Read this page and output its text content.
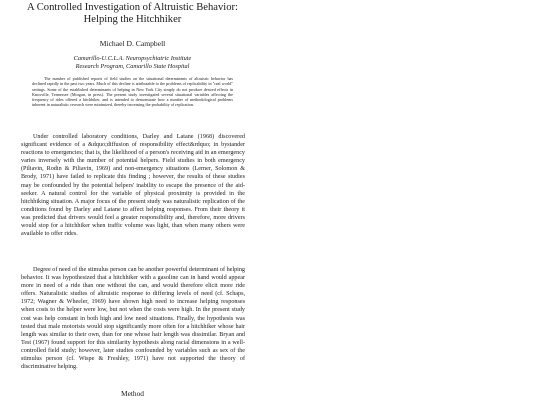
A Controlled Investigation of Altruistic Behavior: Helping the Hitchhiker
Michael D. Campbell
Camarillo-U.C.L.A. Neuropsychiatric Institute
Research Program, Camarillo State Hospital

The number of published reports of field studies on the situational determinants of altruistic behavior has declined rapidly in the past two years. Much of this decline is attributable to the problems of replicability in "real world" settings. Some of the established determinants of helping in New York City simply do not produce desired effects in Knoxville, Tennessee (Morgan, in press). The present study investigated several situational variables affecting the frequency of rides offered a hitchhiker, and is intended to demonstrate how a number of methodological problems inherent in naturalistic research were minimized, thereby increasing the probability of replication.

Under controlled laboratory conditions, Darley and Latane (1968) discovered significant evidence of a &dquo;diffusion of responsibility effect&rdquo; in bystander reactions to emergencies; that is, the likelihood of a person's receiving aid in an emergency varies inversely with the number of potential helpers. Field studies in both emergency (Piliavin, Rodin & Piliavin, 1969) and non-emergency situations (Lerner, Solomon & Brody, 1971) have failed to replicate this finding ; however, the results of these studies may be confounded by the potential helpers' inability to escape the presence of the aid-seeker. A natural control for the variable of physical proximity is provided in the hitchhiking situation. A major focus of the present study was naturalistic replication of the conditions found by Darley and Latane to affect helping responses. From their theory it was predicted that drivers would feel a greater responsibility and, therefore, more drivers would stop for a hitchhiker when traffic volume was light, than when many others were available to offer rides.

Degree of need of the stimulus person can be another powerful determinant of helping behavior. It was hypothesized that a hitchhiker with a gasoline can in hand would appear more in need of a ride than one without the can, and would therefore elicit more ride offers. Naturalistic studies of altruistic response to differing levels of need (cf. Schaps, 1972; Wagner & Wheeler, 1969) have shown high need to increase helping responses when costs to the helper were low, but not when the costs were high. In the present study cost was help constant in both high and low need situations. Finally, the hypothesis was tested that male motorists would stop significantly more often for a hitchhiker whose hair length was similar to their own, than for one whose hair length was dissimilar. Bryan and Test (1967) found support for this similarity hypothesis along racial dimensions in a well-controlled field study; however, later studies confounded by variables such as sex of the stimulus person (cf. Wispe & Freshley, 1971) have not supported the theory of discriminative helping.

Method
